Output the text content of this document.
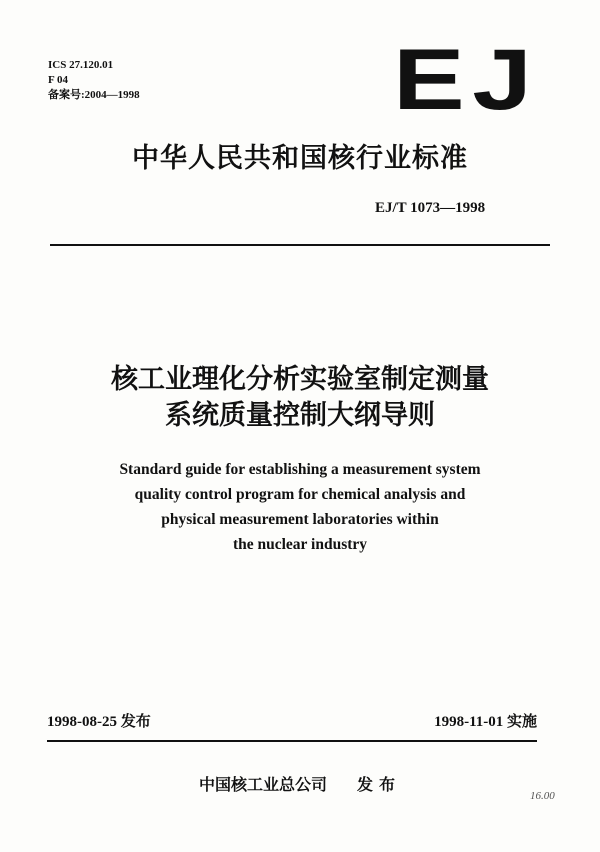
ICS 27.120.01
F 04
备案号:2004—1998	EJ
中华人民共和国核行业标准
EJ/T 1073—1998
核工业理化分析实验室制定测量
系统质量控制大纲导则
Standard guide for establishing a measurement system
quality control program for chemical analysis and
physical measurement laboratories within
the nuclear industry
1998-08-25 发布	1998-11-01 实施
中国核工业总公司 发布
16.00
